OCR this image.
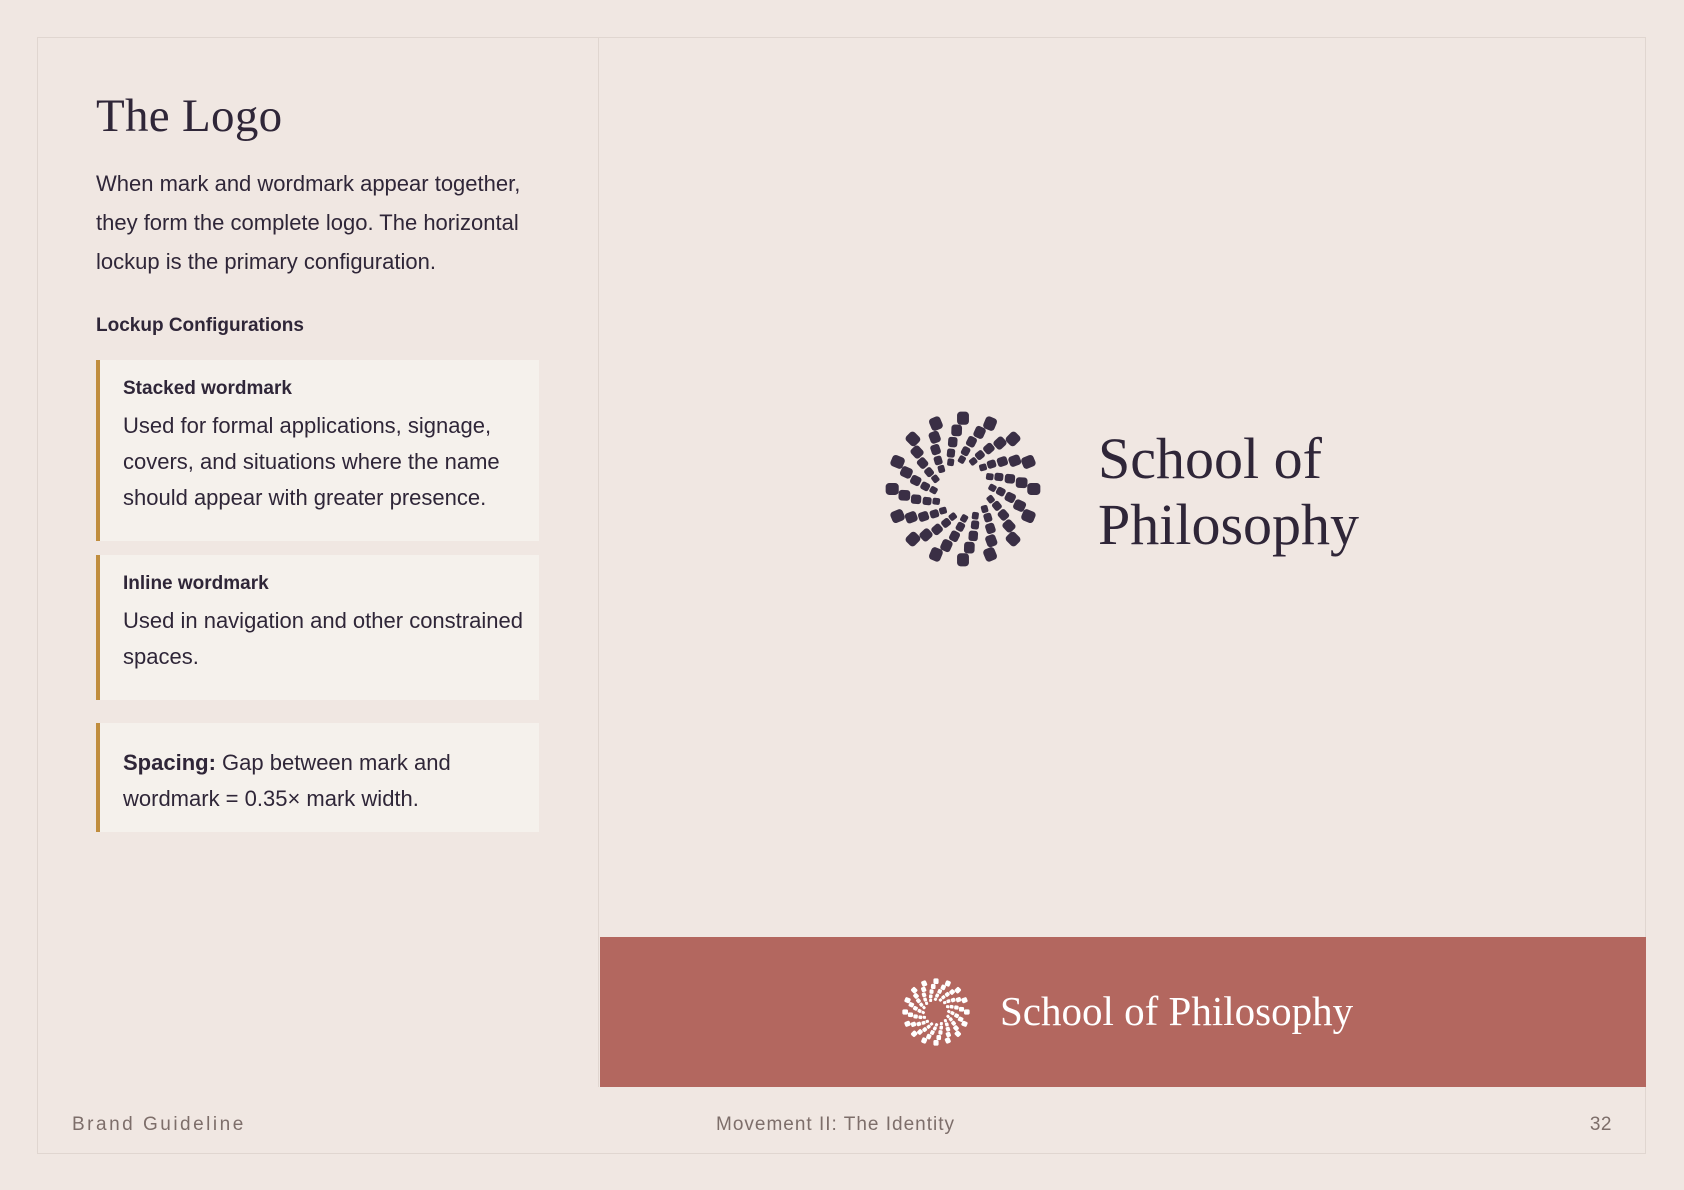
The Logo

When mark and wordmark appear together, they form the complete logo. The horizontal lockup is the primary configuration.

Lockup Configurations
Stacked wordmark

Used for formal applications, signage, covers, and situations where the name should appear with greater presence.

Inline wordmark

Used in navigation and other constrained spaces.

Spacing: Gap between mark and wordmark = 0.35× mark width.

School of
Philosophy
School of Philosophy
Brand Guideline	Movement II: The Identity	32
